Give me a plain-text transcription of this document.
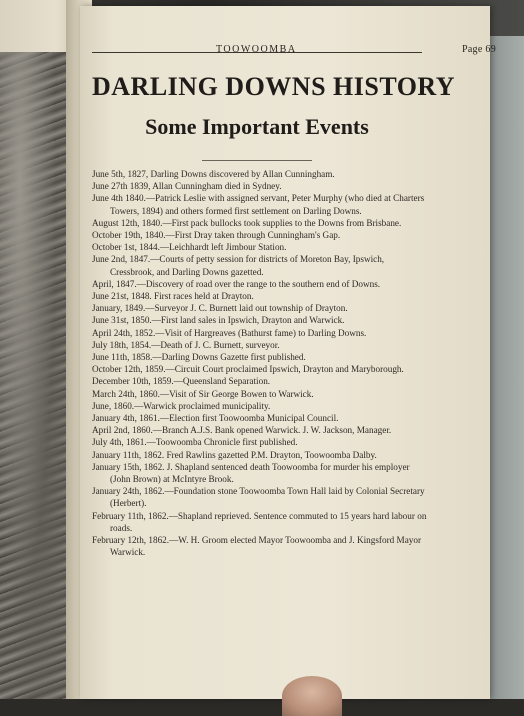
TOOWOOMBA	Page 69
DARLING DOWNS HISTORY
Some Important Events

June 5th, 1827, Darling Downs discovered by Allan Cunningham.

June 27th 1839, Allan Cunningham died in Sydney.

June 4th 1840.—Patrick Leslie with assigned servant, Peter Murphy (who died at Charters Towers, 1894) and others formed first settlement on Darling Downs.

August 12th, 1840.—First pack bullocks took supplies to the Downs from Brisbane.

October 19th, 1840.—First Dray taken through Cunningham's Gap.

October 1st, 1844.—Leichhardt left Jimbour Station.

June 2nd, 1847.—Courts of petty session for districts of Moreton Bay, Ipswich, Cressbrook, and Darling Downs gazetted.

April, 1847.—Discovery of road over the range to the southern end of Downs.

June 21st, 1848. First races held at Drayton.

January, 1849.—Surveyor J. C. Burnett laid out township of Drayton.

June 31st, 1850.—First land sales in Ipswich, Drayton and Warwick.

April 24th, 1852.—Visit of Hargreaves (Bathurst fame) to Darling Downs.

July 18th, 1854.—Death of J. C. Burnett, surveyor.

June 11th, 1858.—Darling Downs Gazette first published.

October 12th, 1859.—Circuit Court proclaimed Ipswich, Drayton and Maryborough.

December 10th, 1859.—Queensland Separation.

March 24th, 1860.—Visit of Sir George Bowen to Warwick.

June, 1860.—Warwick proclaimed municipality.

January 4th, 1861.—Election first Toowoomba Municipal Council.

April 2nd, 1860.—Branch A.J.S. Bank opened Warwick. J. W. Jackson, Manager.

July 4th, 1861.—Toowoomba Chronicle first published.

January 11th, 1862. Fred Rawlins gazetted P.M. Drayton, Toowoomba Dalby.

January 15th, 1862. J. Shapland sentenced death Toowoomba for murder his employer (John Brown) at McIntyre Brook.

January 24th, 1862.—Foundation stone Toowoomba Town Hall laid by Colonial Secretary (Herbert).

February 11th, 1862.—Shapland reprieved. Sentence commuted to 15 years hard labour on roads.

February 12th, 1862.—W. H. Groom elected Mayor Toowoomba and J. Kingsford Mayor Warwick.
